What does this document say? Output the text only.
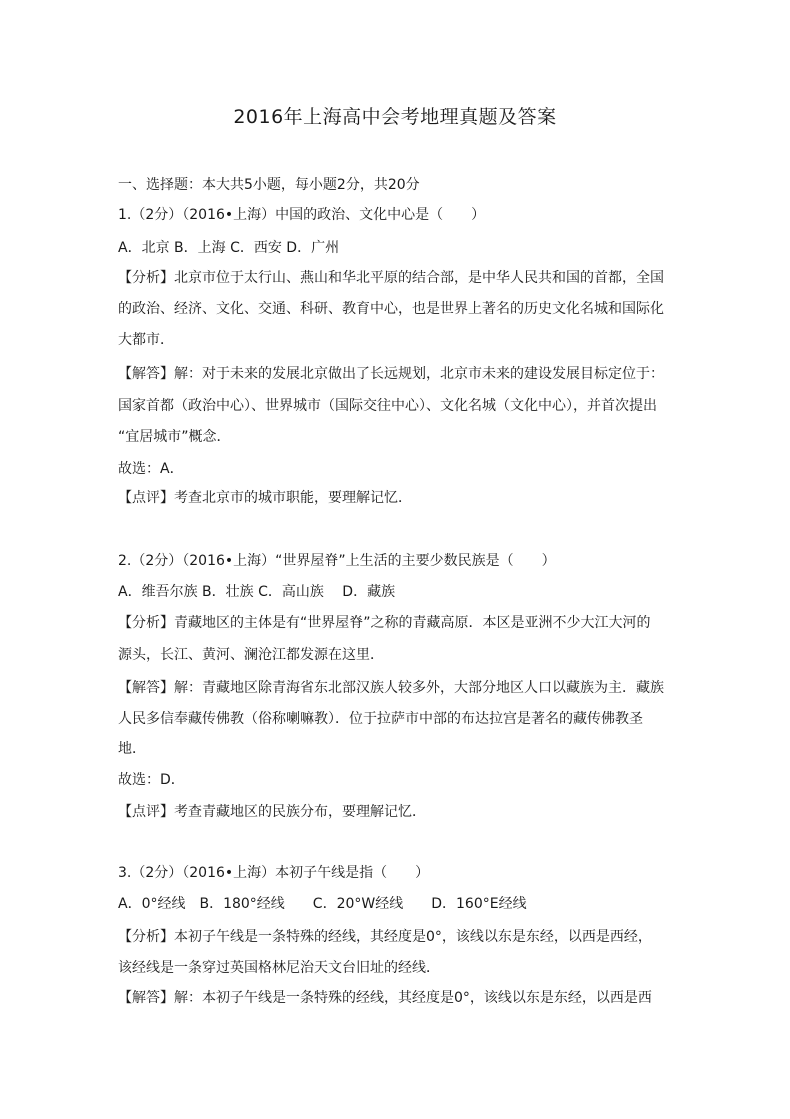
2016年上海高中会考地理真题及答案
一、选择题：本大共5小题，每小题2分，共20分
1.（2分）（2016•上海）中国的政治、文化中心是（　　）
A．北京 B．上海 C．西安 D．广州
【分析】北京市位于太行山、燕山和华北平原的结合部，是中华人民共和国的首都，全国
的政治、经济、文化、交通、科研、教育中心，也是世界上著名的历史文化名城和国际化
大都市．
【解答】解：对于未来的发展北京做出了长远规划，北京市未来的建设发展目标定位于：
国家首都（政治中心）、世界城市（国际交往中心）、文化名城（文化中心），并首次提出
“宜居城市”概念．
故选：A．
【点评】考查北京市的城市职能，要理解记忆．
2.（2分）（2016•上海）“世界屋脊”上生活的主要少数民族是（　　）
A．维吾尔族 B．壮族 C．高山族　 D．藏族
【分析】青藏地区的主体是有“世界屋脊”之称的青藏高原．本区是亚洲不少大江大河的
源头，长江、黄河、澜沧江都发源在这里．
【解答】解：青藏地区除青海省东北部汉族人较多外，大部分地区人口以藏族为主．藏族
人民多信奉藏传佛教（俗称喇嘛教）．位于拉萨市中部的布达拉宫是著名的藏传佛教圣
地．
故选：D．
【点评】考查青藏地区的民族分布，要理解记忆．
3.（2分）（2016•上海）本初子午线是指（　　）
A．0°经线　B．180°经线　　C．20°W经线　　D．160°E经线
【分析】本初子午线是一条特殊的经线，其经度是0°，该线以东是东经，以西是西经，
该经线是一条穿过英国格林尼治天文台旧址的经线．
【解答】解：本初子午线是一条特殊的经线，其经度是0°，该线以东是东经，以西是西
